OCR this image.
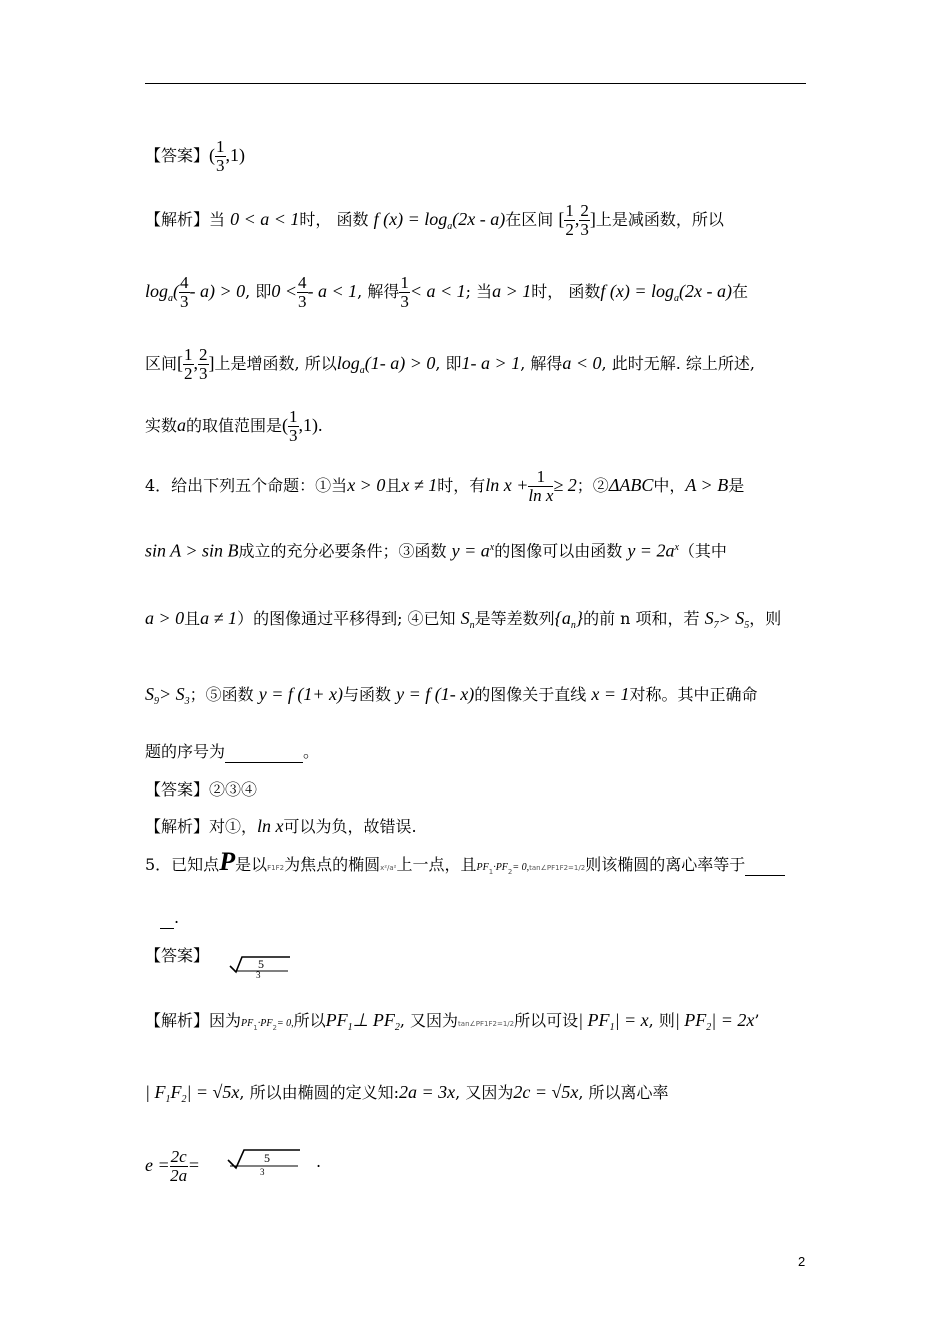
【答案】( $\frac{1}{3} ,1$)
【解析】当 0 < a < 1时， 函数 f $(x) = \log_a(2x - a)$在区间 [ $\frac{1}{2}$ , $\frac{2}{3}$ ]上是减函数，所以
$\log_a( \frac{4}{3} - a) > 0$, 即$0 < \frac{4}{3} - a < 1$, 解得 $\frac{1}{3} < a < 1$; 当a > 1时， 函数f $(x) = \log_a(2x - a)$在
区间[ $\frac{1}{2}$ , $\frac{2}{3}$ ]上是增函数, 所以$\log_a(1-$ a) > 0, 即1- a > 1, 解得a < 0, 此时无解. 综上所述,
实数a的取值范围是( $\frac{1}{3} ,1$).
4．给出下列五个命题：①当x > 0且x ≠ 1时，有$\ln x + \frac{1}{\text{ln x}} \ge 2$；②ΔABC中，A > B是
sin A > sin B成立的充分必要条件；③函数 $y = a^x$的图像可以由函数 $y = 2a^x$（其中
a > 0且a ≠ 1）的图像通过平移得到; ④已知 $S_n$是等差数列$\{a_n\}$的前 n 项和，若 $S_7> S_5$，则
$S_9> S_3$；⑤函数 y = f (1+ x)与函数 y = f (1- x)的图像关于直线 x = 1对称。其中正确命
题的序号为	。
【答案】②③④
【解析】对①，ln x可以为负，故错误.
5．已知点P是以F1F2为焦点的椭圆x²/a²上一点，且$PF_1\cdot PF_2=$ 0,tan∠PF1F2=1/2则该椭圆的离心率等于
.
【答案】	5
3
【解析】因为$PF_1\cdot PF_2= 0$,所以$PF_1\perp$ $PF_2$, 又因为tan∠PF1F2=1/2所以可设| $PF_1| = x$, 则| $PF_2| = 2x$’
| $F_1F_2| = √5x$, 所以由椭圆的定义知:2a = 3x, 又因为2c = √5x, 所以离心率
$e = \frac{2c}{2a}$ =	5
3
.
2
